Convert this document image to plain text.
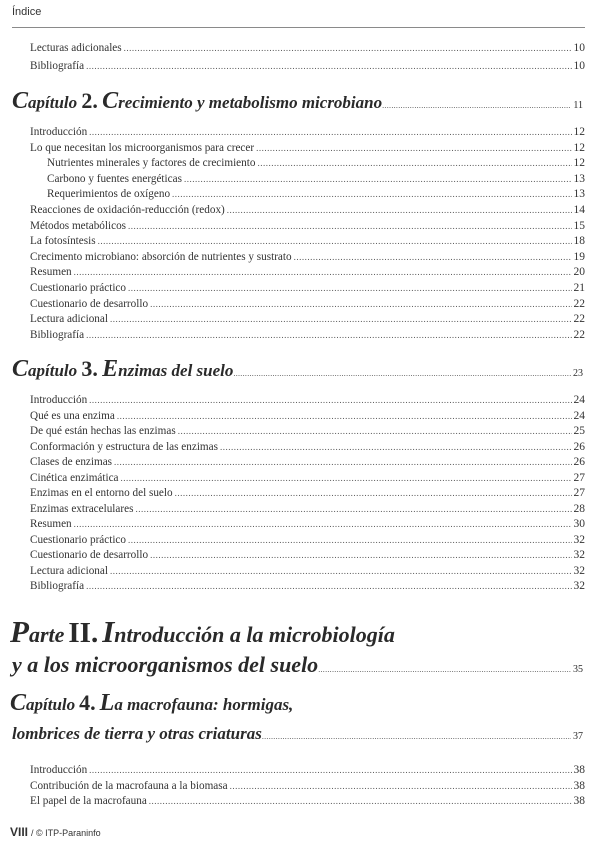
Índice
Lecturas adicionales .....	10
Bibliografía .....	10
Capítulo 2. Crecimiento y metabolismo microbiano .....	11
Introducción .....	12
Lo que necesitan los microorganismos para crecer .....	12
Nutrientes minerales y factores de crecimiento .....	12
Carbono y fuentes energéticas .....	13
Requerimientos de oxígeno .....	13
Reacciones de oxidación-reducción (redox) .....	14
Métodos metabólicos .....	15
La fotosíntesis .....	18
Crecimento microbiano: absorción de nutrientes y sustrato .....	19
Resumen .....	20
Cuestionario práctico .....	21
Cuestionario de desarrollo .....	22
Lectura adicional .....	22
Bibliografía .....	22
Capítulo 3. Enzimas del suelo .....	23
Introducción .....	24
Qué es una enzima .....	24
De qué están hechas las enzimas .....	25
Conformación y estructura de las enzimas .....	26
Clases de enzimas .....	26
Cinética enzimática .....	27
Enzimas en el entorno del suelo .....	27
Enzimas extracelulares .....	28
Resumen .....	30
Cuestionario práctico .....	32
Cuestionario de desarrollo .....	32
Lectura adicional .....	32
Bibliografía .....	32
Parte II. Introducción a la microbiología
y a los microorganismos del suelo .....	35
Capítulo 4. La macrofauna: hormigas,
lombrices de tierra y otras criaturas .....	37
Introducción .....	38
Contribución de la macrofauna a la biomasa .....	38
El papel de la macrofauna .....	38
VIII / © ITP-Paraninfo
